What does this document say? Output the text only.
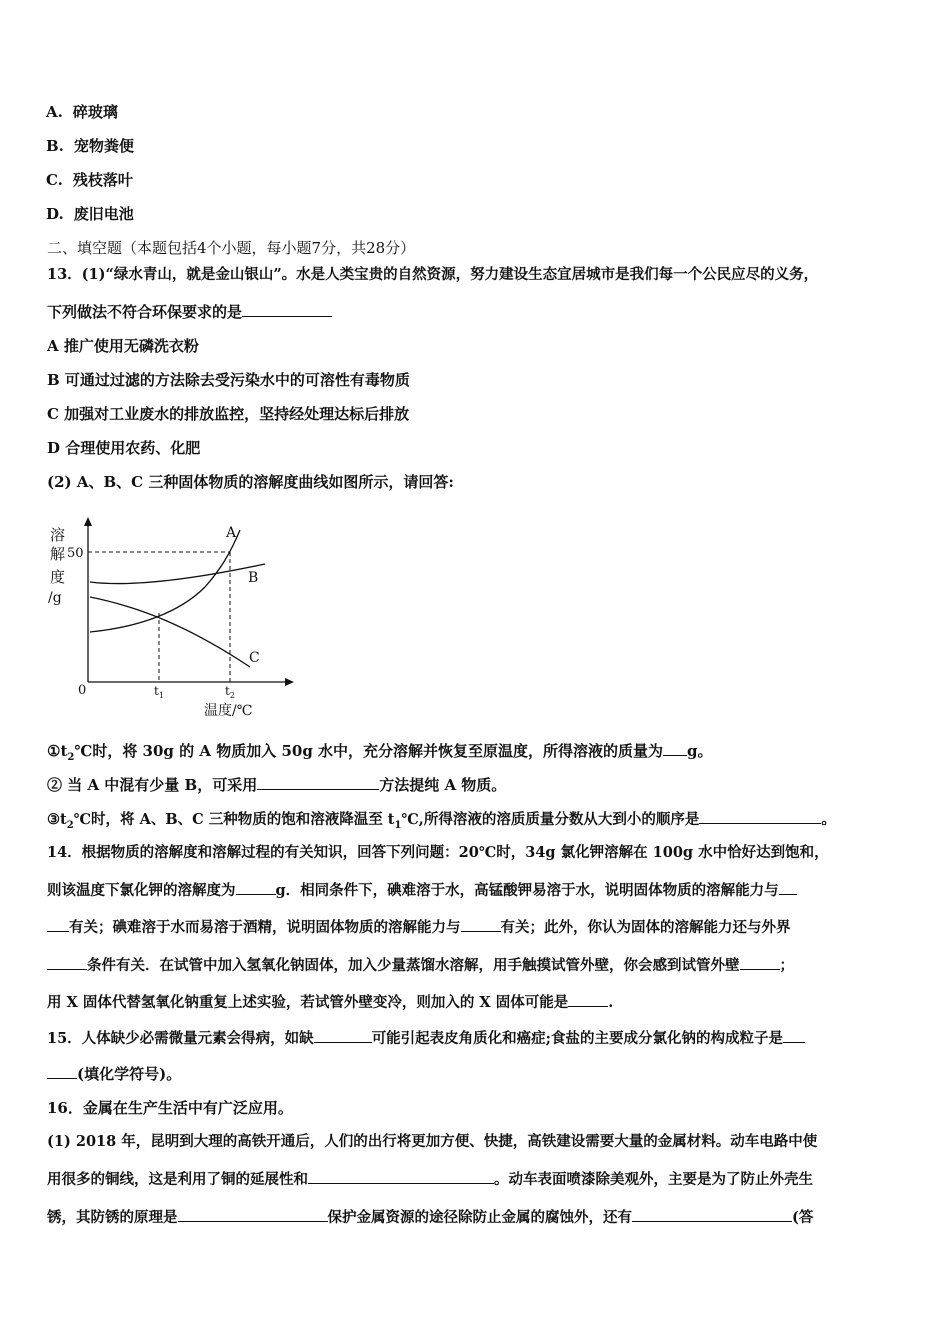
A. 碎玻璃
B. 宠物粪便
C. 残枝落叶
D. 废旧电池
二、填空题（本题包括4个小题，每小题7分，共28分）
13．(1)“绿水青山，就是金山银山”。水是人类宝贵的自然资源，努力建设生态宜居城市是我们每一个公民应尽的义务，
下列做法不符合环保要求的是
A 推广使用无磷洗衣粉
B 可通过过滤的方法除去受污染水中的可溶性有毒物质
C 加强对工业废水的排放监控，坚持经处理达标后排放
D 合理使用农药、化肥
(2) A、B、C 三种固体物质的溶解度曲线如图所示，请回答:
溶
解
度
/g
50
A
B
C
0	$t_1$	$t_2$
温度/℃
$①t_2℃$时，将 30g 的 A 物质加入 50g 水中，充分溶解并恢复至原温度，所得溶液的质量为 g。
② 当 A 中混有少量 B，可采用	方法提纯 A 物质。
$③t_2℃$时，将 A、B、C 三种物质的饱和溶液降温至 $t_1℃$,所得溶液的溶质质量分数从大到小的顺序是	。
14．根据物质的溶解度和溶解过程的有关知识，回答下列问题：20℃时，34g 氯化钾溶解在 100g 水中恰好达到饱和，
则该温度下氯化钾的溶解度为	g．相同条件下，碘难溶于水，高锰酸钾易溶于水，说明固体物质的溶解能力与
有关；碘难溶于水而易溶于酒精，说明固体物质的溶解能力与	有关；此外，你认为固体的溶解能力还与外界
条件有关．在试管中加入氢氧化钠固体，加入少量蒸馏水溶解，用手触摸试管外壁，你会感到试管外壁	；
用 X 固体代替氢氧化钠重复上述实验，若试管外壁变冷，则加入的 X 固体可能是	.
15．人体缺少必需微量元素会得病，如缺	可能引起表皮角质化和癌症;食盐的主要成分氯化钠的构成粒子是
(填化学符号)。
16．金属在生产生活中有广泛应用。
(1) 2018 年，昆明到大理的高铁开通后，人们的出行将更加方便、快捷，高铁建设需要大量的金属材料。动车电路中使
用很多的铜线，这是利用了铜的延展性和	。动车表面喷漆除美观外，主要是为了防止外壳生
锈，其防锈的原理是	保护金属资源的途径除防止金属的腐蚀外，还有	(答
